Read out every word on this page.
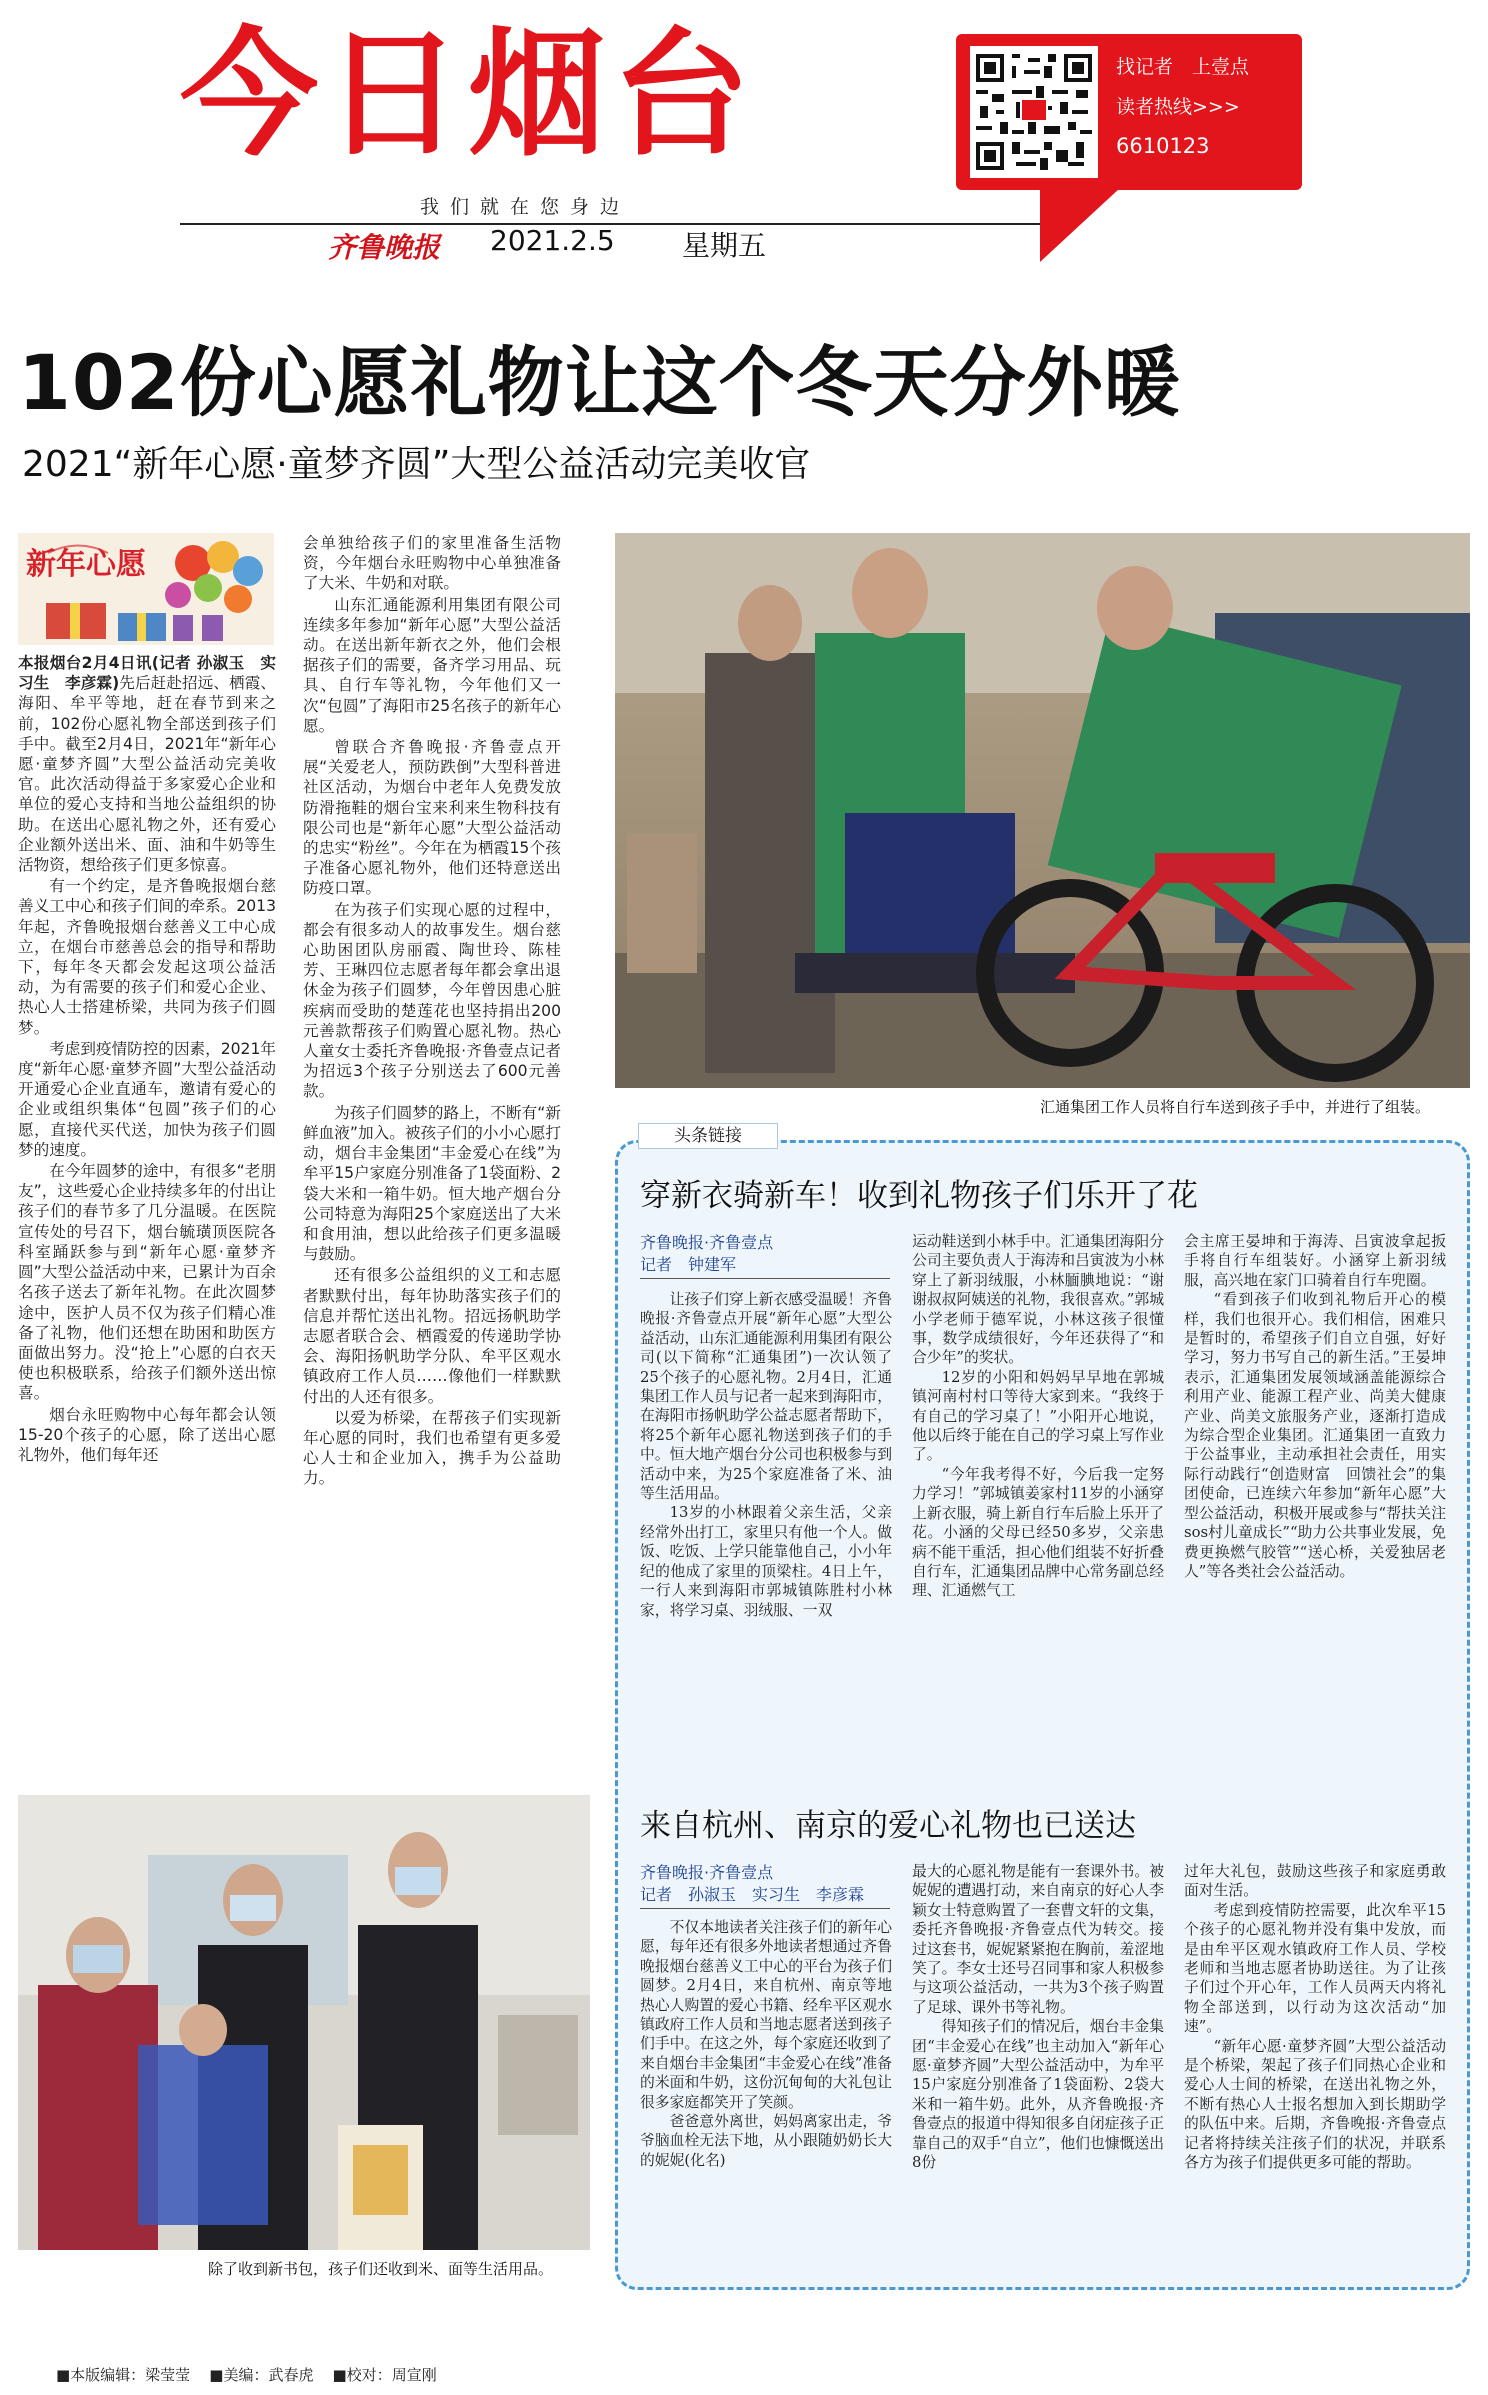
今日烟台
我们就在您身边
齐鲁晚报 2021.2.5 星期五
找记者　上壹点
读者热线>>>
6610123
102份心愿礼物让这个冬天分外暖
2021“新年心愿·童梦齐圆”大型公益活动完美收官
新年心愿

本报烟台2月4日讯(记者 孙淑玉　实习生　李彦霖)先后赶赴招远、栖霞、海阳、牟平等地，赶在春节到来之前，102份心愿礼物全部送到孩子们手中。截至2月4日，2021年“新年心愿·童梦齐圆”大型公益活动完美收官。此次活动得益于多家爱心企业和单位的爱心支持和当地公益组织的协助。在送出心愿礼物之外，还有爱心企业额外送出米、面、油和牛奶等生活物资，想给孩子们更多惊喜。

有一个约定，是齐鲁晚报烟台慈善义工中心和孩子们间的牵系。2013年起，齐鲁晚报烟台慈善义工中心成立，在烟台市慈善总会的指导和帮助下，每年冬天都会发起这项公益活动，为有需要的孩子们和爱心企业、热心人士搭建桥梁，共同为孩子们圆梦。

考虑到疫情防控的因素，2021年度“新年心愿·童梦齐圆”大型公益活动开通爱心企业直通车，邀请有爱心的企业或组织集体“包圆”孩子们的心愿，直接代买代送，加快为孩子们圆梦的速度。

在今年圆梦的途中，有很多“老朋友”，这些爱心企业持续多年的付出让孩子们的春节多了几分温暖。在医院宣传处的号召下，烟台毓璜顶医院各科室踊跃参与到“新年心愿·童梦齐圆”大型公益活动中来，已累计为百余名孩子送去了新年礼物。在此次圆梦途中，医护人员不仅为孩子们精心准备了礼物，他们还想在助困和助医方面做出努力。没“抢上”心愿的白衣天使也积极联系，给孩子们额外送出惊喜。

烟台永旺购物中心每年都会认领15-20个孩子的心愿，除了送出心愿礼物外，他们每年还

会单独给孩子们的家里准备生活物资，今年烟台永旺购物中心单独准备了大米、牛奶和对联。

山东汇通能源利用集团有限公司连续多年参加“新年心愿”大型公益活动。在送出新年新衣之外，他们会根据孩子们的需要，备齐学习用品、玩具、自行车等礼物，今年他们又一次“包圆”了海阳市25名孩子的新年心愿。

曾联合齐鲁晚报·齐鲁壹点开展“关爱老人，预防跌倒”大型科普进社区活动，为烟台中老年人免费发放防滑拖鞋的烟台宝来利来生物科技有限公司也是“新年心愿”大型公益活动的忠实“粉丝”。今年在为栖霞15个孩子准备心愿礼物外，他们还特意送出防疫口罩。

在为孩子们实现心愿的过程中，都会有很多动人的故事发生。烟台慈心助困团队房丽霞、陶世玲、陈桂芳、王琳四位志愿者每年都会拿出退休金为孩子们圆梦，今年曾因患心脏疾病而受助的楚莲花也坚持捐出200元善款帮孩子们购置心愿礼物。热心人童女士委托齐鲁晚报·齐鲁壹点记者为招远3个孩子分别送去了600元善款。

为孩子们圆梦的路上，不断有“新鲜血液”加入。被孩子们的小小心愿打动，烟台丰金集团“丰金爱心在线”为牟平15户家庭分别准备了1袋面粉、2袋大米和一箱牛奶。恒大地产烟台分公司特意为海阳25个家庭送出了大米和食用油，想以此给孩子们更多温暖与鼓励。

还有很多公益组织的义工和志愿者默默付出，每年协助落实孩子们的信息并帮忙送出礼物。招远扬帆助学志愿者联合会、栖霞爱的传递助学协会、海阳扬帆助学分队、牟平区观水镇政府工作人员……像他们一样默默付出的人还有很多。

以爱为桥梁，在帮孩子们实现新年心愿的同时，我们也希望有更多爱心人士和企业加入，携手为公益助力。

汇通集团工作人员将自行车送到孩子手中，并进行了组装。
除了收到新书包，孩子们还收到米、面等生活用品。
头条链接
穿新衣骑新车！收到礼物孩子们乐开了花
齐鲁晚报·齐鲁壹点
记者　钟建军

让孩子们穿上新衣感受温暖！齐鲁晚报·齐鲁壹点开展“新年心愿”大型公益活动，山东汇通能源利用集团有限公司(以下简称“汇通集团”)一次认领了25个孩子的心愿礼物。2月4日，汇通集团工作人员与记者一起来到海阳市，在海阳市扬帆助学公益志愿者帮助下，将25个新年心愿礼物送到孩子们的手中。恒大地产烟台分公司也积极参与到活动中来，为25个家庭准备了米、油等生活用品。

13岁的小林跟着父亲生活，父亲经常外出打工，家里只有他一个人。做饭、吃饭、上学只能靠他自己，小小年纪的他成了家里的顶梁柱。4日上午，一行人来到海阳市郭城镇陈胜村小林家，将学习桌、羽绒服、一双

运动鞋送到小林手中。汇通集团海阳分公司主要负责人于海涛和吕寅波为小林穿上了新羽绒服，小林腼腆地说：“谢谢叔叔阿姨送的礼物，我很喜欢。”郭城小学老师于德军说，小林这孩子很懂事，数学成绩很好，今年还获得了“和合少年”的奖状。

12岁的小阳和妈妈早早地在郭城镇河南村村口等待大家到来。“我终于有自己的学习桌了！”小阳开心地说，他以后终于能在自己的学习桌上写作业了。

“今年我考得不好，今后我一定努力学习！”郭城镇姜家村11岁的小涵穿上新衣服，骑上新自行车后脸上乐开了花。小涵的父母已经50多岁，父亲患病不能干重活，担心他们组装不好折叠自行车，汇通集团品牌中心常务副总经理、汇通燃气工

会主席王晏坤和于海涛、吕寅波拿起扳手将自行车组装好。小涵穿上新羽绒服，高兴地在家门口骑着自行车兜圈。

“看到孩子们收到礼物后开心的模样，我们也很开心。我们相信，困难只是暂时的，希望孩子们自立自强，好好学习，努力书写自己的新生活。”王晏坤表示，汇通集团发展领域涵盖能源综合利用产业、能源工程产业、尚美大健康产业、尚美文旅服务产业，逐渐打造成为综合型企业集团。汇通集团一直致力于公益事业，主动承担社会责任，用实际行动践行“创造财富　回馈社会”的集团使命，已连续六年参加“新年心愿”大型公益活动，积极开展或参与“帮扶关注sos村儿童成长”“助力公共事业发展，免费更换燃气胶管”“送心桥，关爱独居老人”等各类社会公益活动。

来自杭州、南京的爱心礼物也已送达
齐鲁晚报·齐鲁壹点
记者　孙淑玉　实习生　李彦霖

不仅本地读者关注孩子们的新年心愿，每年还有很多外地读者想通过齐鲁晚报烟台慈善义工中心的平台为孩子们圆梦。2月4日，来自杭州、南京等地热心人购置的爱心书籍、经牟平区观水镇政府工作人员和当地志愿者送到孩子们手中。在这之外，每个家庭还收到了来自烟台丰金集团“丰金爱心在线”准备的米面和牛奶，这份沉甸甸的大礼包让很多家庭都笑开了笑颜。

爸爸意外离世，妈妈离家出走，爷爷脑血栓无法下地，从小跟随奶奶长大的妮妮(化名)

最大的心愿礼物是能有一套课外书。被妮妮的遭遇打动，来自南京的好心人李颖女士特意购置了一套曹文轩的文集，委托齐鲁晚报·齐鲁壹点代为转交。接过这套书，妮妮紧紧抱在胸前，羞涩地笑了。李女士还号召同事和家人积极参与这项公益活动，一共为3个孩子购置了足球、课外书等礼物。

得知孩子们的情况后，烟台丰金集团“丰金爱心在线”也主动加入“新年心愿·童梦齐圆”大型公益活动中，为牟平15户家庭分别准备了1袋面粉、2袋大米和一箱牛奶。此外，从齐鲁晚报·齐鲁壹点的报道中得知很多自闭症孩子正靠自己的双手“自立”，他们也慷慨送出8份

过年大礼包，鼓励这些孩子和家庭勇敢面对生活。

考虑到疫情防控需要，此次牟平15个孩子的心愿礼物并没有集中发放，而是由牟平区观水镇政府工作人员、学校老师和当地志愿者协助送往。为了让孩子们过个开心年，工作人员两天内将礼物全部送到，以行动为这次活动“加速”。

“新年心愿·童梦齐圆”大型公益活动是个桥梁，架起了孩子们同热心企业和爱心人士间的桥梁，在送出礼物之外，不断有热心人士报名想加入到长期助学的队伍中来。后期，齐鲁晚报·齐鲁壹点记者将持续关注孩子们的状况，并联系各方为孩子们提供更多可能的帮助。

■本版编辑：梁莹莹 ■美编：武春虎 ■校对：周宣刚
